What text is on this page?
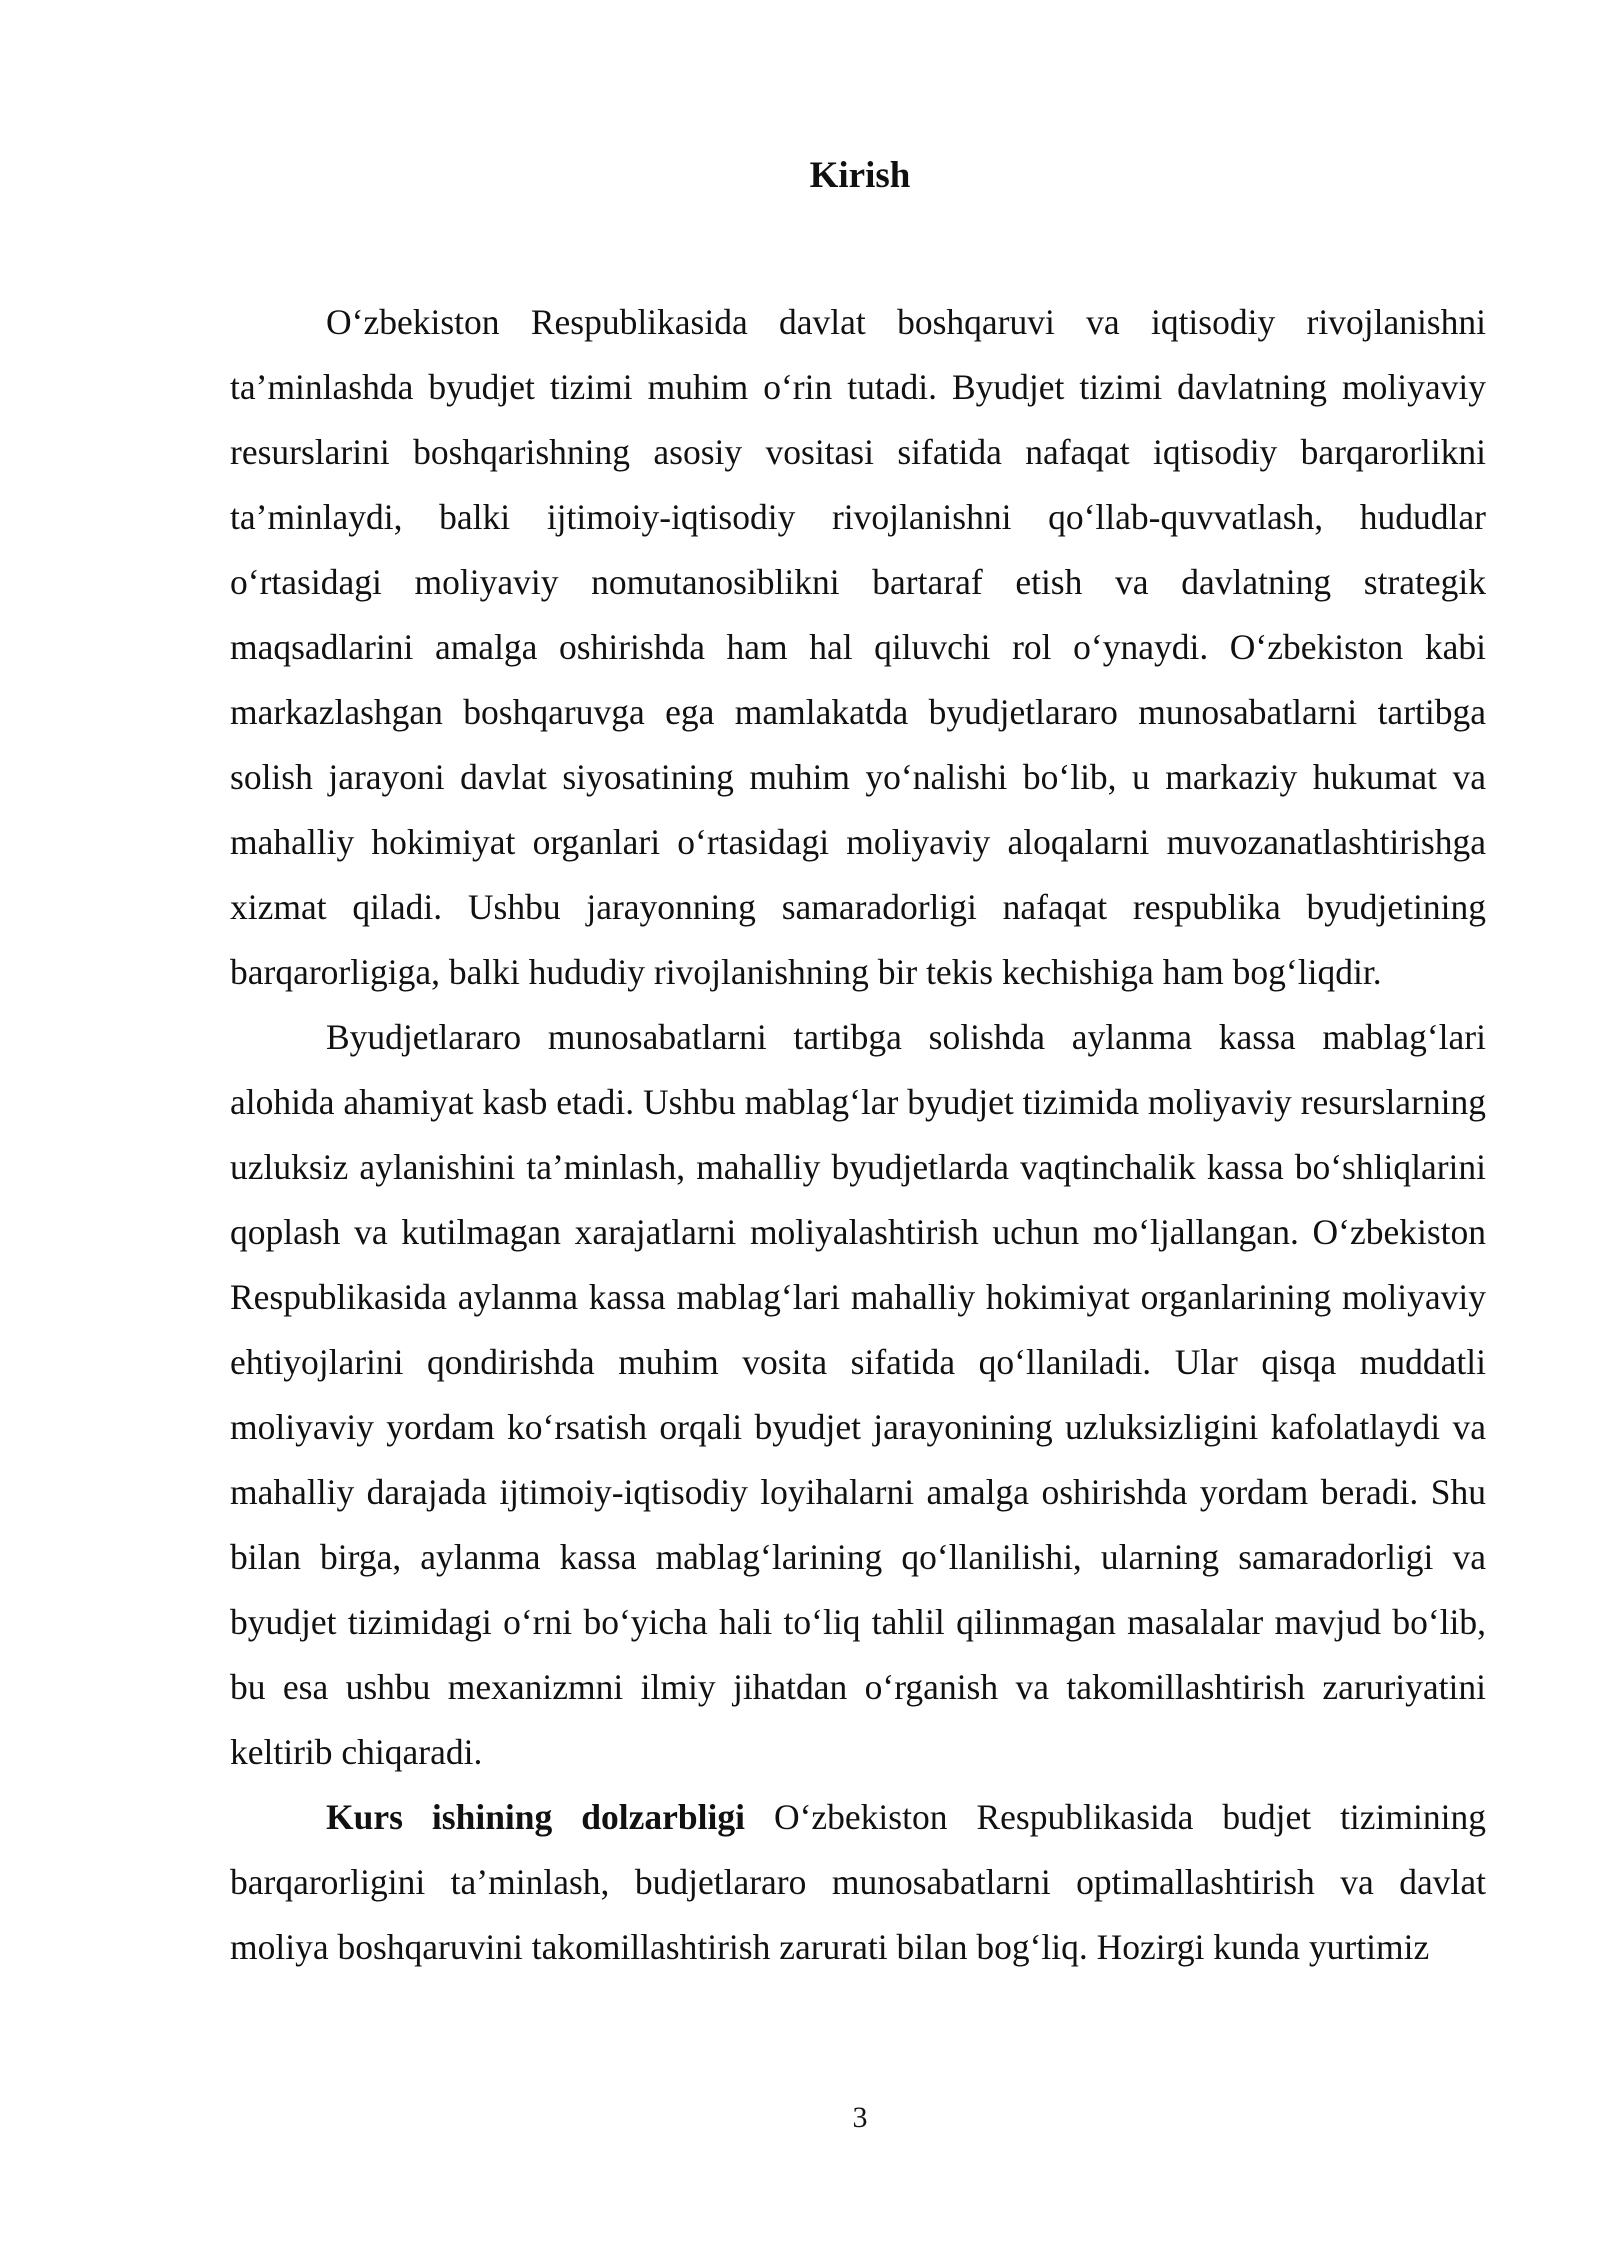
Kirish

O‘zbekiston Respublikasida davlat boshqaruvi va iqtisodiy rivojlanishni ta’minlashda byudjet tizimi muhim o‘rin tutadi. Byudjet tizimi davlatning moliyaviy resurslarini boshqarishning asosiy vositasi sifatida nafaqat iqtisodiy barqarorlikni ta’minlaydi, balki ijtimoiy-iqtisodiy rivojlanishni qo‘llab-quvvatlash, hududlar o‘rtasidagi moliyaviy nomutanosiblikni bartaraf etish va davlatning strategik maqsadlarini amalga oshirishda ham hal qiluvchi rol o‘ynaydi. O‘zbekiston kabi markazlashgan boshqaruvga ega mamlakatda byudjetlararo munosabatlarni tartibga solish jarayoni davlat siyosatining muhim yo‘nalishi bo‘lib, u markaziy hukumat va mahalliy hokimiyat organlari o‘rtasidagi moliyaviy aloqalarni muvozanatlashtirishga xizmat qiladi. Ushbu jarayonning samaradorligi nafaqat respublika byudjetining barqarorligiga, balki hududiy rivojlanishning bir tekis kechishiga ham bog‘liqdir.

Byudjetlararo munosabatlarni tartibga solishda aylanma kassa mablag‘lari alohida ahamiyat kasb etadi. Ushbu mablag‘lar byudjet tizimida moliyaviy resurslarning uzluksiz aylanishini ta’minlash, mahalliy byudjetlarda vaqtinchalik kassa bo‘shliqlarini qoplash va kutilmagan xarajatlarni moliyalashtirish uchun mo‘ljallangan. O‘zbekiston Respublikasida aylanma kassa mablag‘lari mahalliy hokimiyat organlarining moliyaviy ehtiyojlarini qondirishda muhim vosita sifatida qo‘llaniladi. Ular qisqa muddatli moliyaviy yordam ko‘rsatish orqali byudjet jarayonining uzluksizligini kafolatlaydi va mahalliy darajada ijtimoiy-iqtisodiy loyihalarni amalga oshirishda yordam beradi. Shu bilan birga, aylanma kassa mablag‘larining qo‘llanilishi, ularning samaradorligi va byudjet tizimidagi o‘rni bo‘yicha hali to‘liq tahlil qilinmagan masalalar mavjud bo‘lib, bu esa ushbu mexanizmni ilmiy jihatdan o‘rganish va takomillashtirish zaruriyatini keltirib chiqaradi.

Kurs ishining dolzarbligi O‘zbekiston Respublikasida budjet tizimining barqarorligini ta’minlash, budjetlararo munosabatlarni optimallashtirish va davlat moliya boshqaruvini takomillashtirish zarurati bilan bog‘liq. Hozirgi kunda yurtimiz

3
